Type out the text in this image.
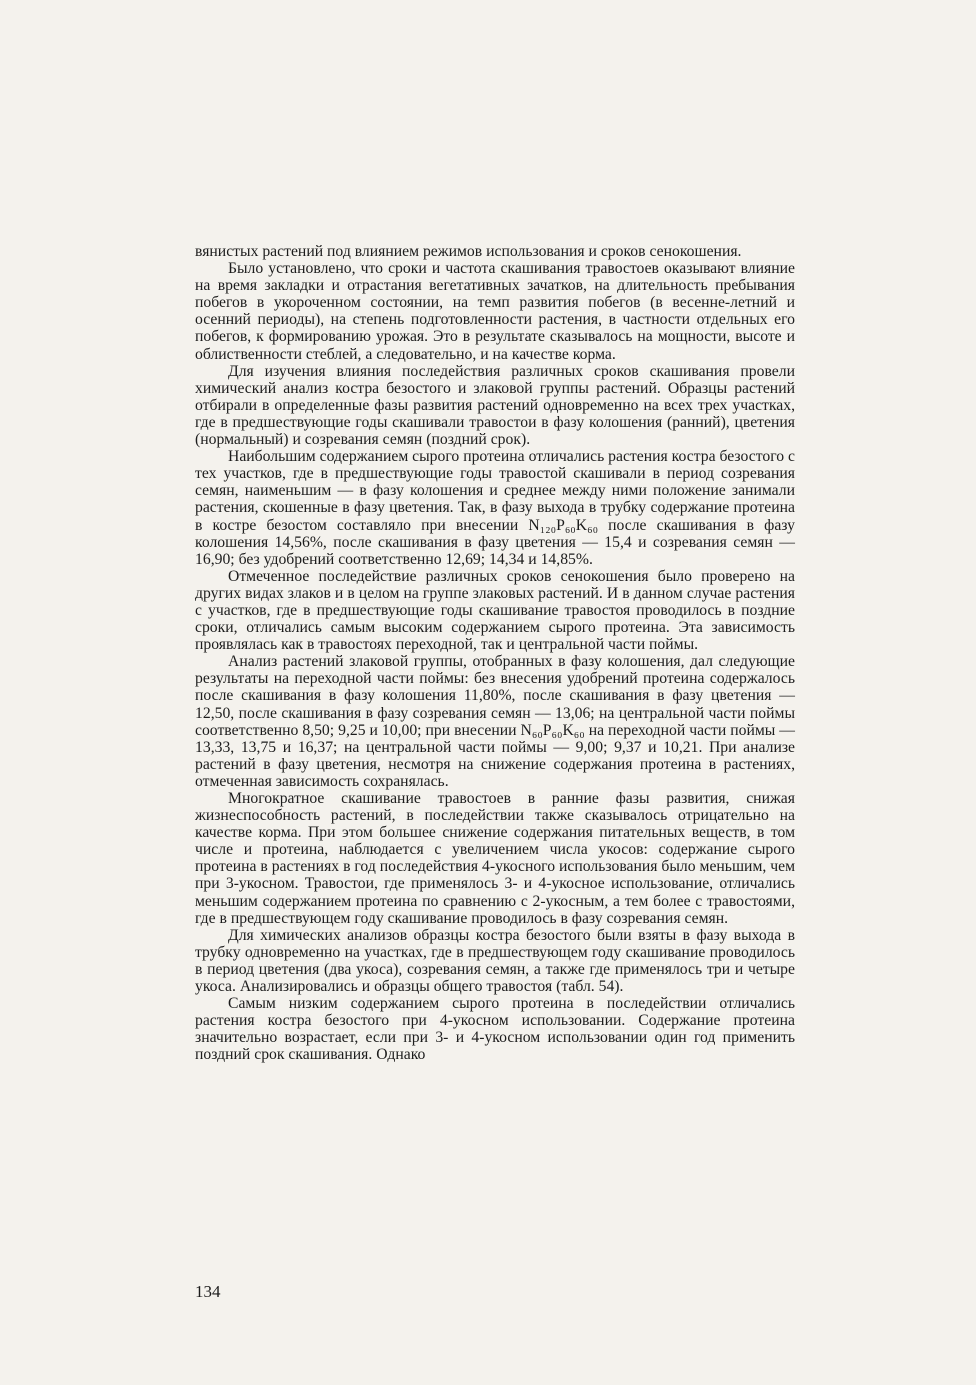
вянистых растений под влиянием режимов использования и сроков сенокошения.

Было установлено, что сроки и частота скашивания травостоев оказывают влияние на время закладки и отрастания вегетативных зачатков, на длительность пребывания побегов в укороченном состоянии, на темп развития побегов (в весенне-летний и осенний периоды), на степень подготовленности растения, в частности отдельных его побегов, к формированию урожая. Это в результате сказывалось на мощности, высоте и облиственности стеблей, а следовательно, и на качестве корма.

Для изучения влияния последействия различных сроков скашивания провели химический анализ костра безостого и злаковой группы растений. Образцы растений отбирали в определенные фазы развития растений одновременно на всех трех участках, где в предшествующие годы скашивали травостои в фазу колошения (ранний), цветения (нормальный) и созревания семян (поздний срок).

Наибольшим содержанием сырого протеина отличались растения костра безостого с тех участков, где в предшествующие годы травостой скашивали в период созревания семян, наименьшим — в фазу колошения и среднее между ними положение занимали растения, скошенные в фазу цветения. Так, в фазу выхода в трубку содержание протеина в костре безостом составляло при внесении N₁₂₀P₆₀K₆₀ после скашивания в фазу колошения 14,56%, после скашивания в фазу цветения — 15,4 и созревания семян — 16,90; без удобрений соответственно 12,69; 14,34 и 14,85%.

Отмеченное последействие различных сроков сенокошения было проверено на других видах злаков и в целом на группе злаковых растений. И в данном случае растения с участков, где в предшествующие годы скашивание травостоя проводилось в поздние сроки, отличались самым высоким содержанием сырого протеина. Эта зависимость проявлялась как в травостоях переходной, так и центральной части поймы.

Анализ растений злаковой группы, отобранных в фазу колошения, дал следующие результаты на переходной части поймы: без внесения удобрений протеина содержалось после скашивания в фазу колошения 11,80%, после скашивания в фазу цветения — 12,50, после скашивания в фазу созревания семян — 13,06; на центральной части поймы соответственно 8,50; 9,25 и 10,00; при внесении N₆₀P₆₀K₆₀ на переходной части поймы — 13,33, 13,75 и 16,37; на центральной части поймы — 9,00; 9,37 и 10,21. При анализе растений в фазу цветения, несмотря на снижение содержания протеина в растениях, отмеченная зависимость сохранялась.

Многократное скашивание травостоев в ранние фазы развития, снижая жизнеспособность растений, в последействии также сказывалось отрицательно на качестве корма. При этом большее снижение содержания питательных веществ, в том числе и протеина, наблюдается с увеличением числа укосов: содержание сырого протеина в растениях в год последействия 4-укосного использования было меньшим, чем при 3-укосном. Травостои, где применялось 3- и 4-укосное использование, отличались меньшим содержанием протеина по сравнению с 2-укосным, а тем более с травостоями, где в предшествующем году скашивание проводилось в фазу созревания семян.

Для химических анализов образцы костра безостого были взяты в фазу выхода в трубку одновременно на участках, где в предшествующем году скашивание проводилось в период цветения (два укоса), созревания семян, а также где применялось три и четыре укоса. Анализировались и образцы общего травостоя (табл. 54).

Самым низким содержанием сырого протеина в последействии отличались растения костра безостого при 4-укосном использовании. Содержание протеина значительно возрастает, если при 3- и 4-укосном использовании один год применить поздний срок скашивания. Однако

134
